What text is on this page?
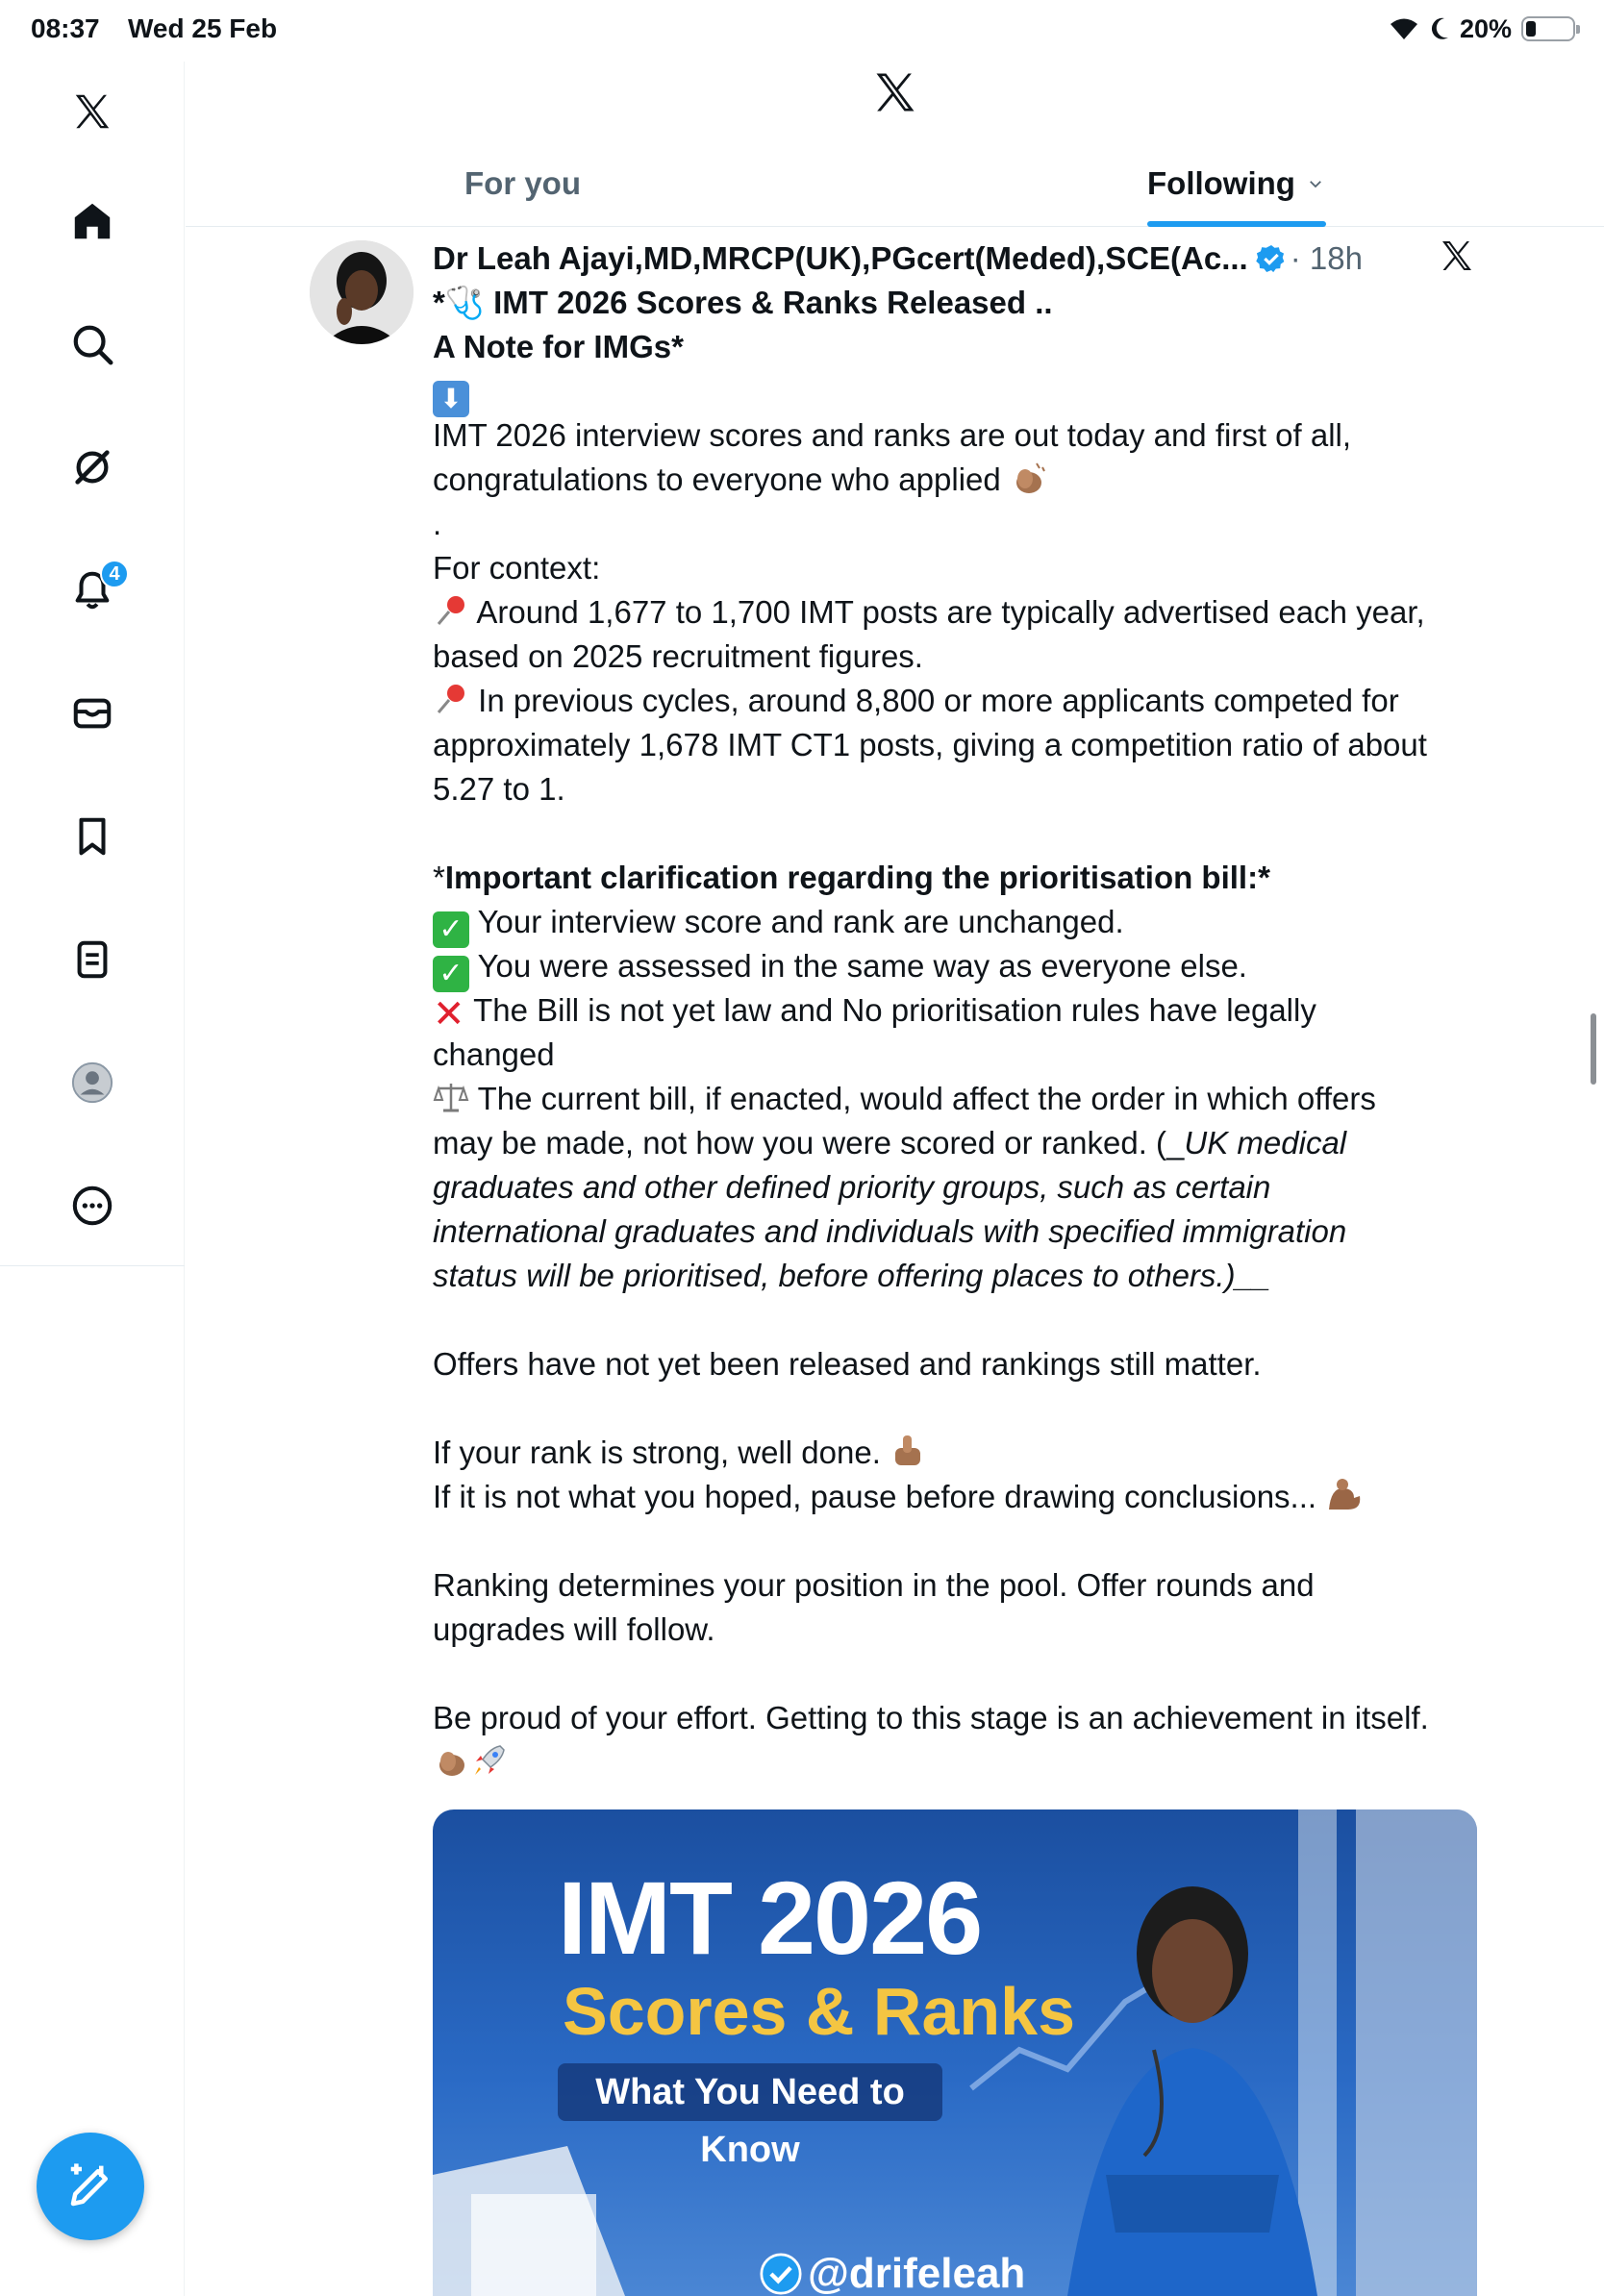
08:37 Wed 25 Feb	20%
4
For you	Following
Dr Leah Ajayi,MD,MRCP(UK),PGcert(Meded),SCE(Ac... · 18h
*🩺 IMT 2026 Scores & Ranks Released ..
A Note for IMGs*
⬇
IMT 2026 interview scores and ranks are out today and first of all,
congratulations to everyone who applied
.
For context:
Around 1,677 to 1,700 IMT posts are typically advertised each year,
based on 2025 recruitment figures.
In previous cycles, around 8,800 or more applicants competed for
approximately 1,678 IMT CT1 posts, giving a competition ratio of about
5.27 to 1.
*Important clarification regarding the prioritisation bill:*
✓ Your interview score and rank are unchanged.
✓ You were assessed in the same way as everyone else.
✕ The Bill is not yet law and No prioritisation rules have legally
changed
The current bill, if enacted, would affect the order in which offers
may be made, not how you were scored or ranked. (_UK medical
graduates and other defined priority groups, such as certain
international graduates and individuals with specified immigration
status will be prioritised, before offering places to others.)__
Offers have not yet been released and rankings still matter.
If your rank is strong, well done.
If it is not what you hoped, pause before drawing conclusions...
Ranking determines your position in the pool. Offer rounds and
upgrades will follow.
Be proud of your effort. Getting to this stage is an achievement in itself.
IMT 2026
Scores & Ranks
What You Need to Know
@drifeleah
